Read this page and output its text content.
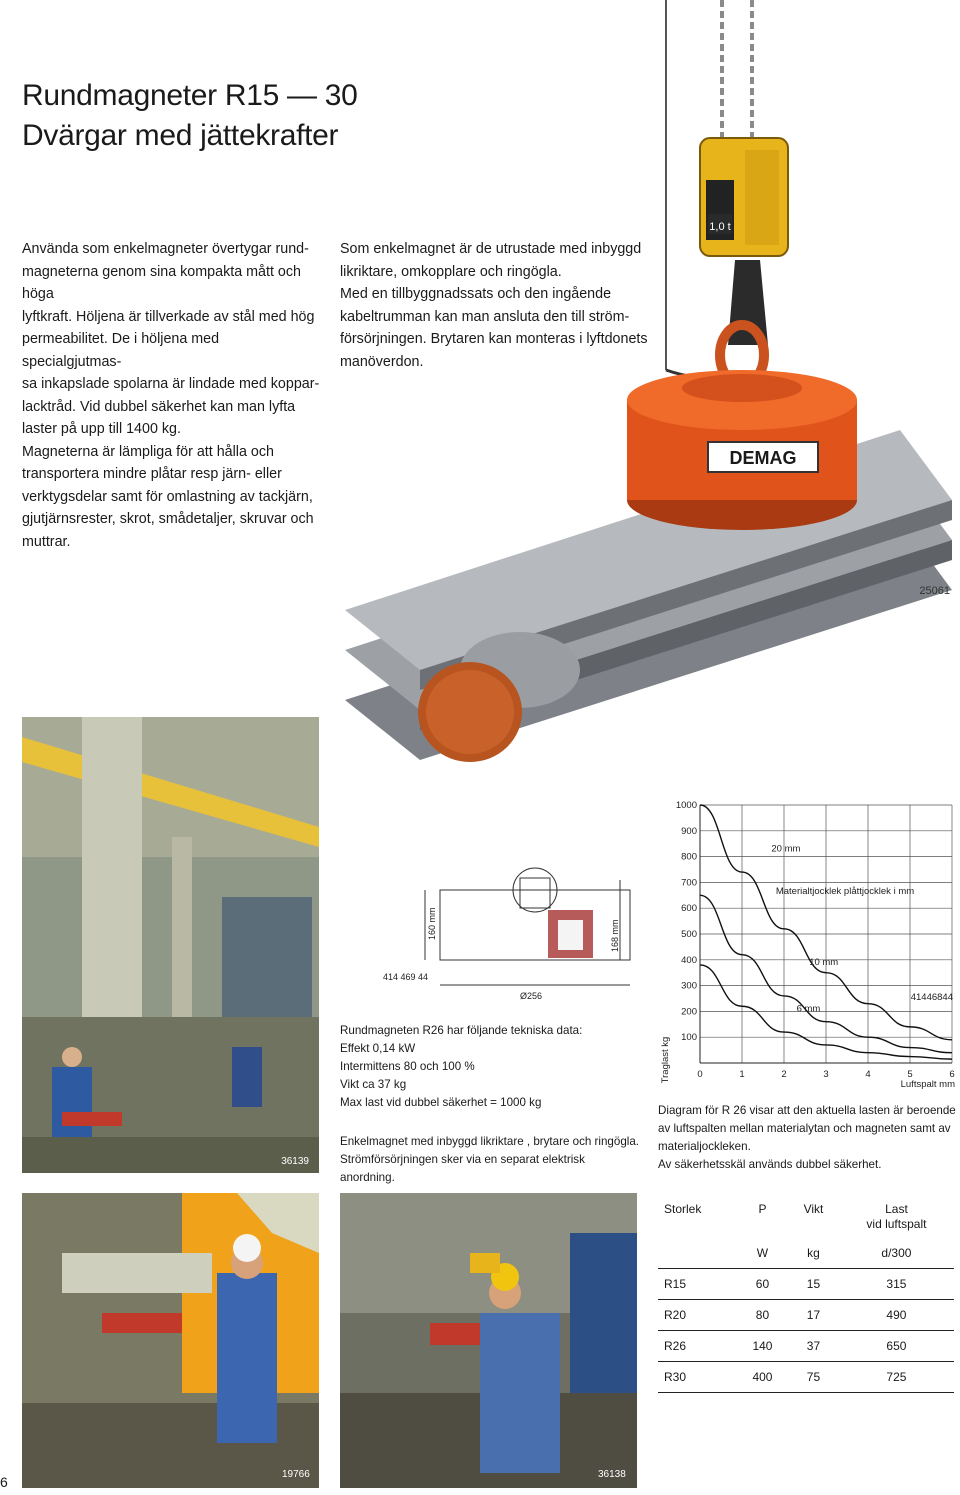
Rundmagneter R15 — 30
Dvärgar med jättekrafter
Använda som enkelmagneter övertygar rund-
magneterna genom sina kompakta mått och höga
lyftkraft. Höljena är tillverkade av stål med hög
permeabilitet. De i höljena med specialgjutmas-
sa inkapslade spolarna är lindade med koppar-
lacktråd. Vid dubbel säkerhet kan man lyfta
laster på upp till 1400 kg.
Magneterna är lämpliga för att hålla och
transportera mindre plåtar resp järn- eller
verktygsdelar samt för omlastning av tackjärn,
gjutjärnsrester, skrot, smådetaljer, skruvar och
muttrar.
Som enkelmagnet är de utrustade med inbyggd
likriktare, omkopplare och ringögla.
Med en tillbyggnadssats och den ingående
kabeltrumman kan man ansluta den till ström-
försörjningen. Brytaren kan monteras i lyftdonets
manöverdon.
1,0 t
DEMAG
25061
36139
160 mm	168 mm
414 469 44
Ø256
Rundmagneten R26 har följande tekniska data:
Effekt 0,14 kW
Intermittens 80 och 100 %
Vikt ca 37 kg
Max last vid dubbel säkerhet = 1000 kg
Enkelmagnet med inbyggd likriktare , brytare och ringögla.
Strömförsörjningen sker via en separat elektrisk anordning.
0	1	2	3	4	5	6
100
200
300
400
500
600
700
800
900
1000
20 mm
10 mm
6 mm
Materialtjocklek plåttjocklek i mm
41446844
Luftspalt mm
Traglast kg
Diagram för R 26 visar att den aktuella lasten är beroende
av luftspalten mellan materialytan och magneten samt av
materialjockleken.
Av säkerhetsskäl används dubbel säkerhet.
19766	36138
Storlek	P	Vikt	Last
vid luftspalt
	W	kg	d/300
R15	60	15	315
R20	80	17	490
R26	140	37	650
R30	400	75	725
6
